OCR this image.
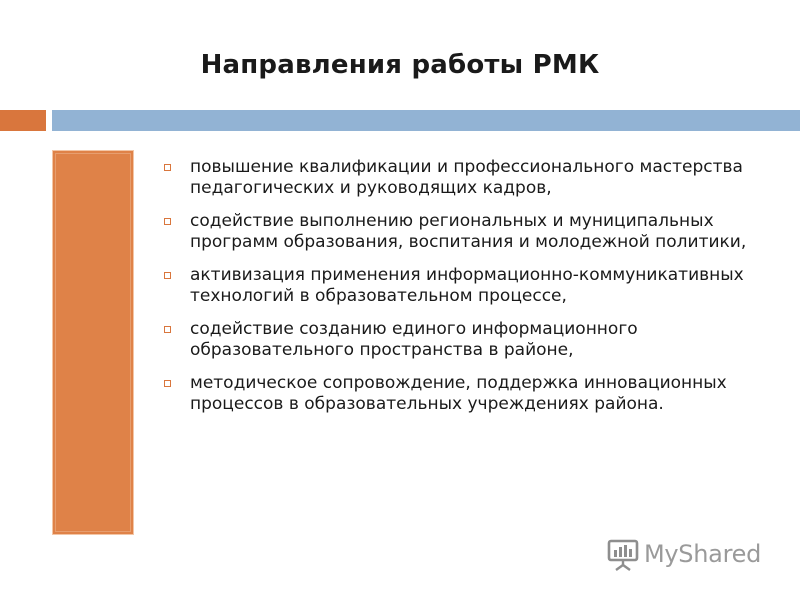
Направления работы РМК
повышение квалификации и профессионального мастерства педагогических и руководящих кадров,
содействие выполнению региональных и муниципальных программ образования, воспитания и молодежной политики,
активизация применения информационно-коммуникативных технологий в образовательном процессе,
содействие созданию единого информационного образовательного пространства в районе,
методическое сопровождение, поддержка инновационных процессов в образовательных учреждениях района.
MyShared
